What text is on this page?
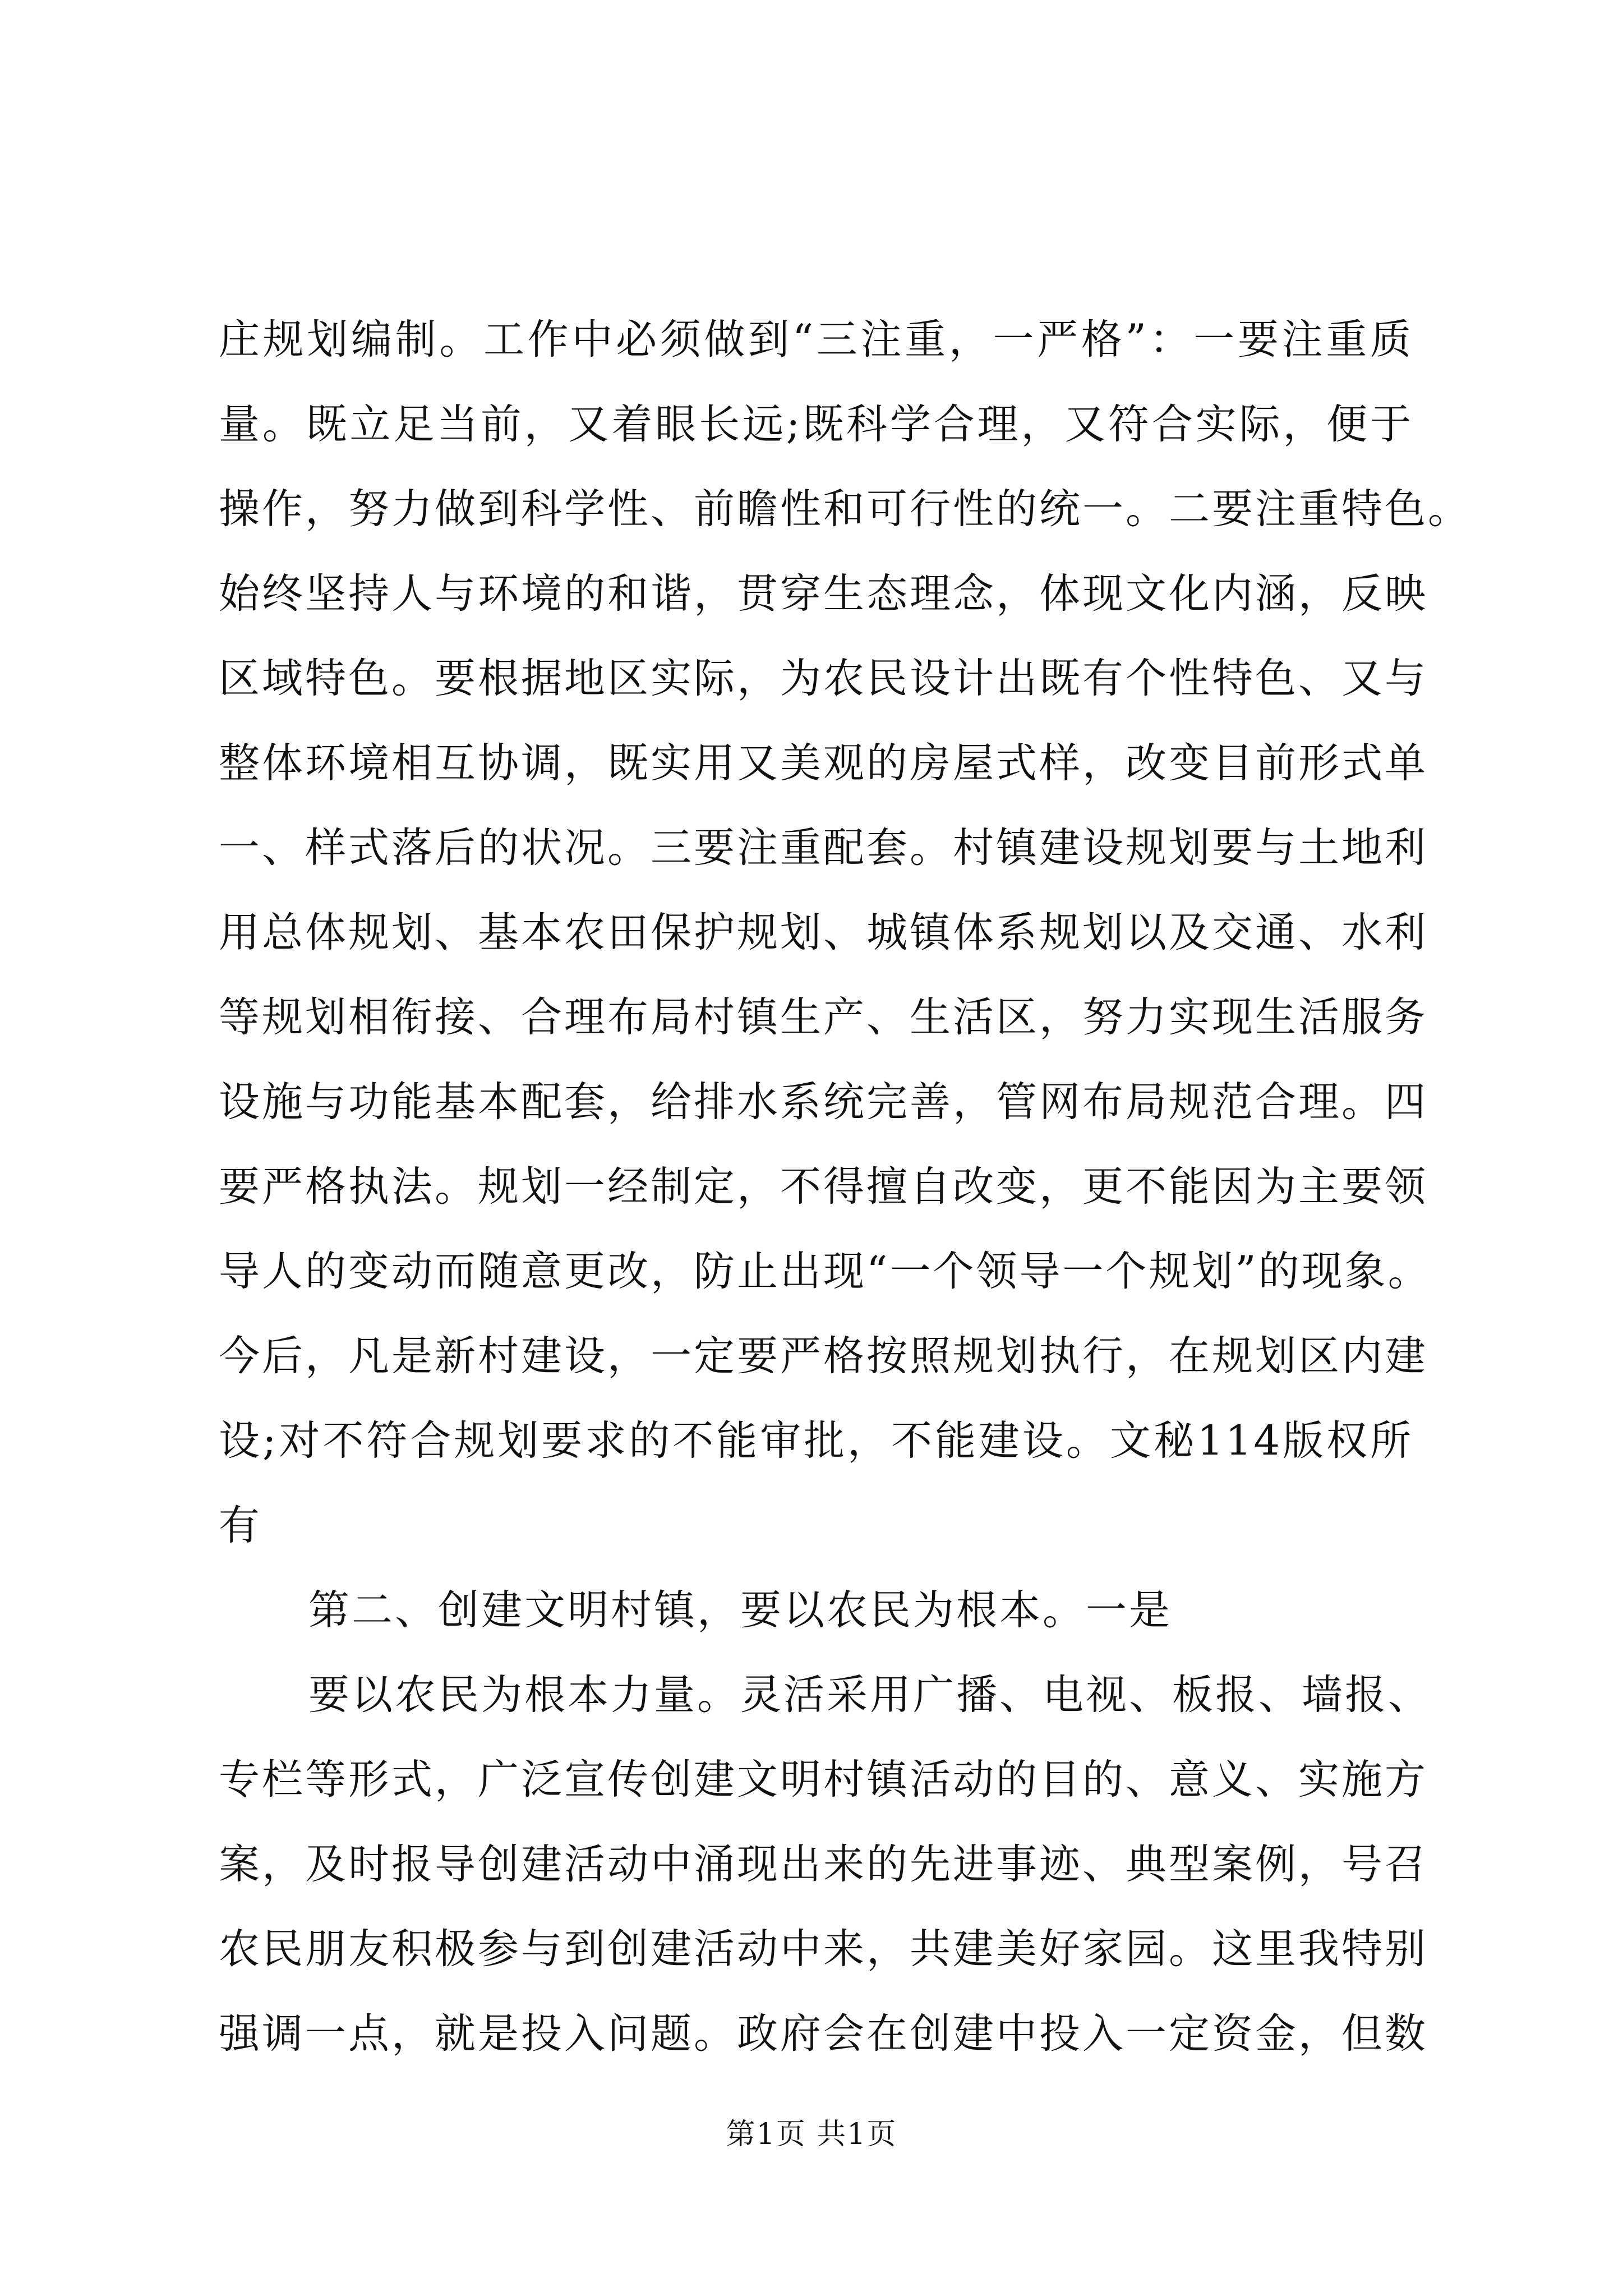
庄规划编制。工作中必须做到“三注重，一严格”：一要注重质
量。既立足当前，又着眼长远;既科学合理，又符合实际，便于
操作，努力做到科学性、前瞻性和可行性的统一。二要注重特色。
始终坚持人与环境的和谐，贯穿生态理念，体现文化内涵，反映
区域特色。要根据地区实际，为农民设计出既有个性特色、又与
整体环境相互协调，既实用又美观的房屋式样，改变目前形式单
一、样式落后的状况。三要注重配套。村镇建设规划要与土地利
用总体规划、基本农田保护规划、城镇体系规划以及交通、水利
等规划相衔接、合理布局村镇生产、生活区，努力实现生活服务
设施与功能基本配套，给排水系统完善，管网布局规范合理。四
要严格执法。规划一经制定，不得擅自改变，更不能因为主要领
导人的变动而随意更改，防止出现“一个领导一个规划”的现象。
今后，凡是新村建设，一定要严格按照规划执行，在规划区内建
设;对不符合规划要求的不能审批，不能建设。文秘114版权所
有
第二、创建文明村镇，要以农民为根本。一是
要以农民为根本力量。灵活采用广播、电视、板报、墙报、
专栏等形式，广泛宣传创建文明村镇活动的目的、意义、实施方
案，及时报导创建活动中涌现出来的先进事迹、典型案例，号召
农民朋友积极参与到创建活动中来，共建美好家园。这里我特别
强调一点，就是投入问题。政府会在创建中投入一定资金，但数
第1页 共1页
